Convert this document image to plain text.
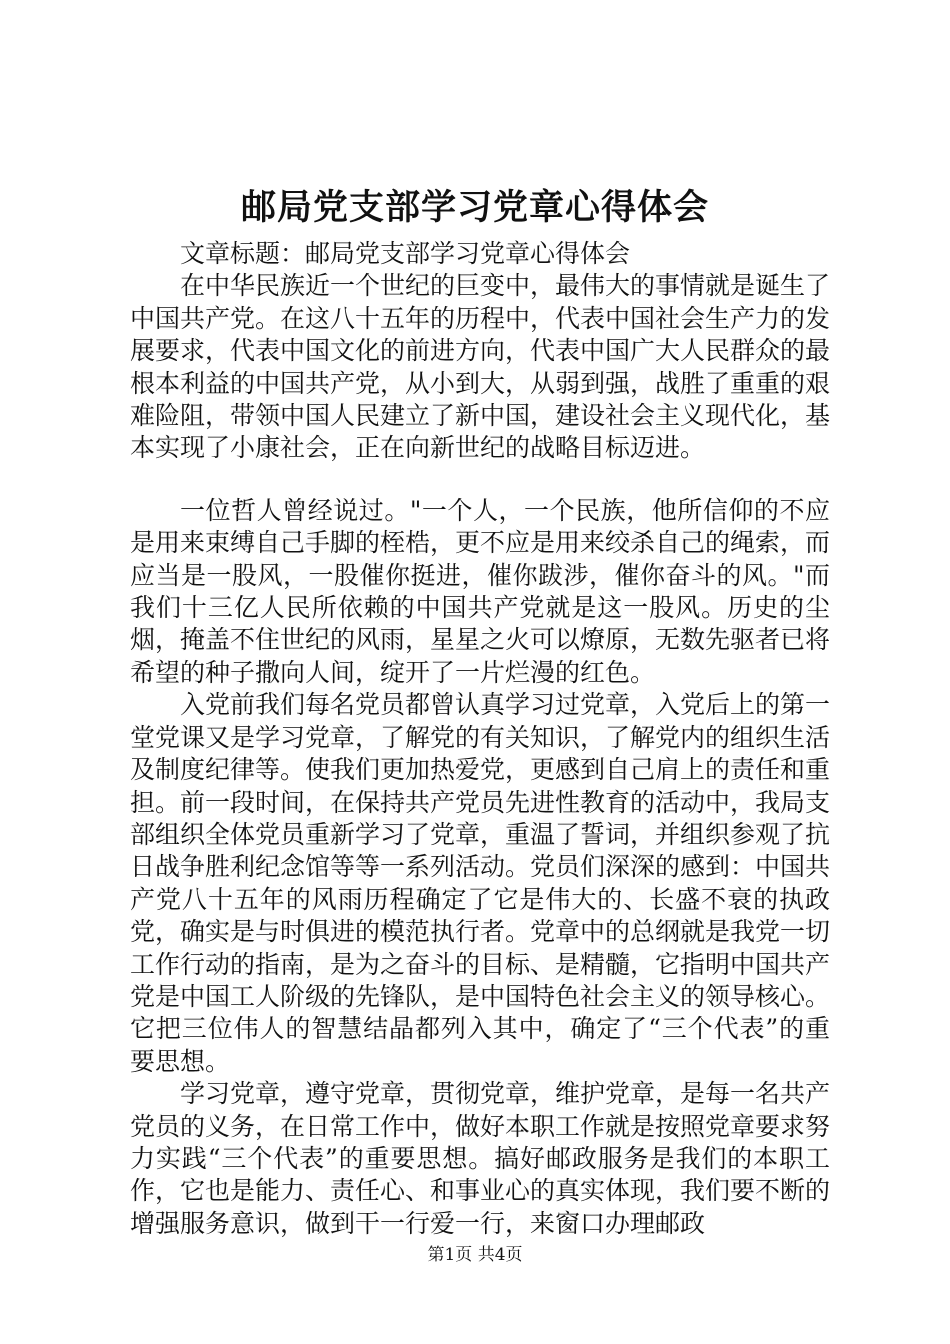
邮局党支部学习党章心得体会

文章标题：邮局党支部学习党章心得体会

在中华民族近一个世纪的巨变中，最伟大的事情就是诞生了中国共产党。在这八十五年的历程中，代表中国社会生产力的发展要求，代表中国文化的前进方向，代表中国广大人民群众的最根本利益的中国共产党，从小到大，从弱到强，战胜了重重的艰难险阻，带领中国人民建立了新中国，建设社会主义现代化，基本实现了小康社会，正在向新世纪的战略目标迈进。

一位哲人曾经说过。"一个人，一个民族，他所信仰的不应是用来束缚自己手脚的桎梏，更不应是用来绞杀自己的绳索，而应当是一股风，一股催你挺进，催你跋涉，催你奋斗的风。"而我们十三亿人民所依赖的中国共产党就是这一股风。历史的尘烟，掩盖不住世纪的风雨，星星之火可以燎原，无数先驱者已将希望的种子撒向人间，绽开了一片烂漫的红色。

入党前我们每名党员都曾认真学习过党章，入党后上的第一堂党课又是学习党章，了解党的有关知识，了解党内的组织生活及制度纪律等。使我们更加热爱党，更感到自己肩上的责任和重担。前一段时间，在保持共产党员先进性教育的活动中，我局支部组织全体党员重新学习了党章，重温了誓词，并组织参观了抗日战争胜利纪念馆等等一系列活动。党员们深深的感到：中国共产党八十五年的风雨历程确定了它是伟大的、长盛不衰的执政党，确实是与时俱进的模范执行者。党章中的总纲就是我党一切工作行动的指南，是为之奋斗的目标、是精髓，它指明中国共产党是中国工人阶级的先锋队，是中国特色社会主义的领导核心。它把三位伟人的智慧结晶都列入其中，确定了“三个代表”的重要思想。

学习党章，遵守党章，贯彻党章，维护党章，是每一名共产党员的义务，在日常工作中，做好本职工作就是按照党章要求努力实践“三个代表”的重要思想。搞好邮政服务是我们的本职工作，它也是能力、责任心、和事业心的真实体现，我们要不断的增强服务意识，做到干一行爱一行，来窗口办理邮政

第1页 共4页
